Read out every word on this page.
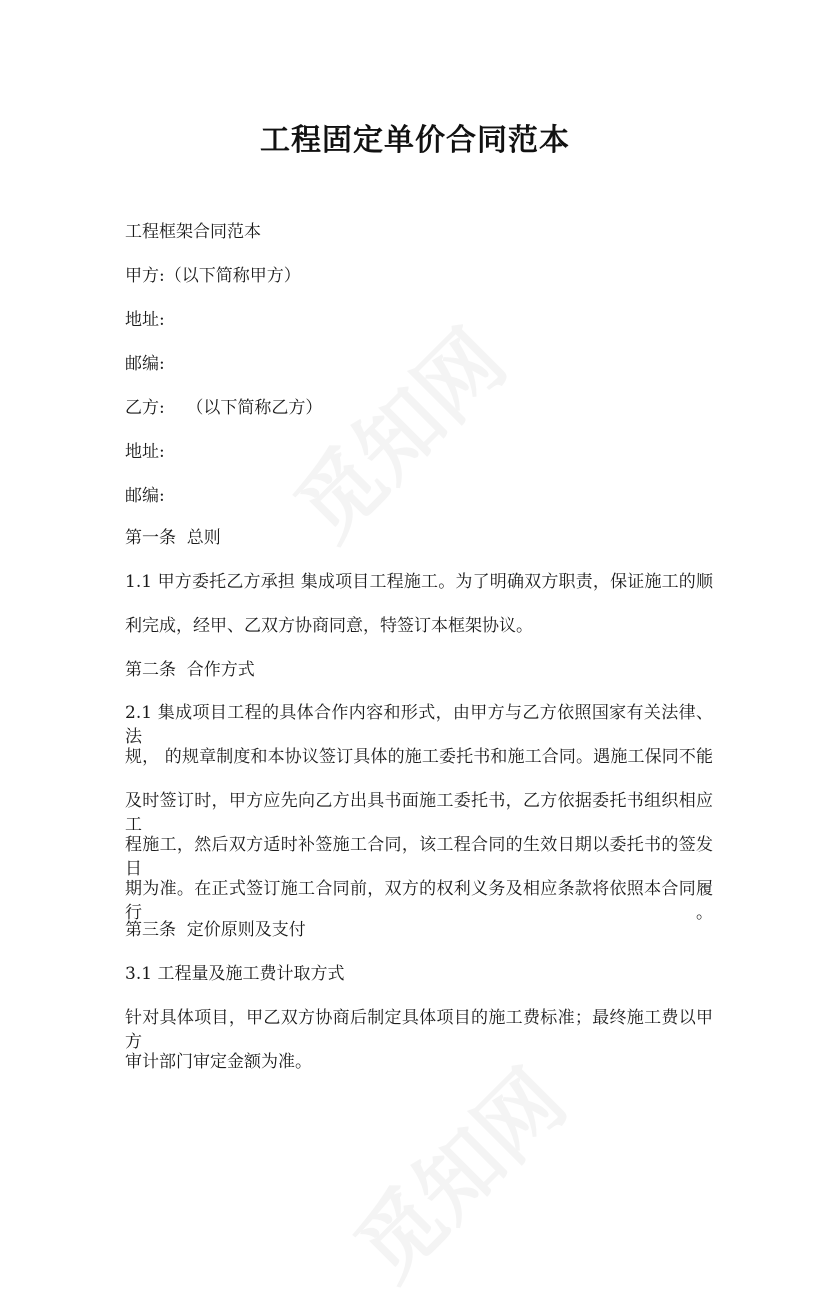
工程固定单价合同范本
工程框架合同范本
甲方:（以下简称甲方）
地址:
邮编:
乙方:    （以下简称乙方）
地址:
邮编:
第一条  总则
1.1 甲方委托乙方承担 集成项目工程施工。为了明确双方职责，保证施工的顺
利完成，经甲、乙双方协商同意，特签订本框架协议。
第二条  合作方式
2.1 集成项目工程的具体合作内容和形式，由甲方与乙方依照国家有关法律、法
规， 的规章制度和本协议签订具体的施工委托书和施工合同。遇施工保同不能
及时签订时，甲方应先向乙方出具书面施工委托书，乙方依据委托书组织相应工
程施工，然后双方适时补签施工合同，该工程合同的生效日期以委托书的签发日
期为准。在正式签订施工合同前，双方的权利义务及相应条款将依照本合同履行。
第三条  定价原则及支付
3.1 工程量及施工费计取方式
针对具体项目，甲乙双方协商后制定具体项目的施工费标准；最终施工费以甲方
审计部门审定金额为准。
